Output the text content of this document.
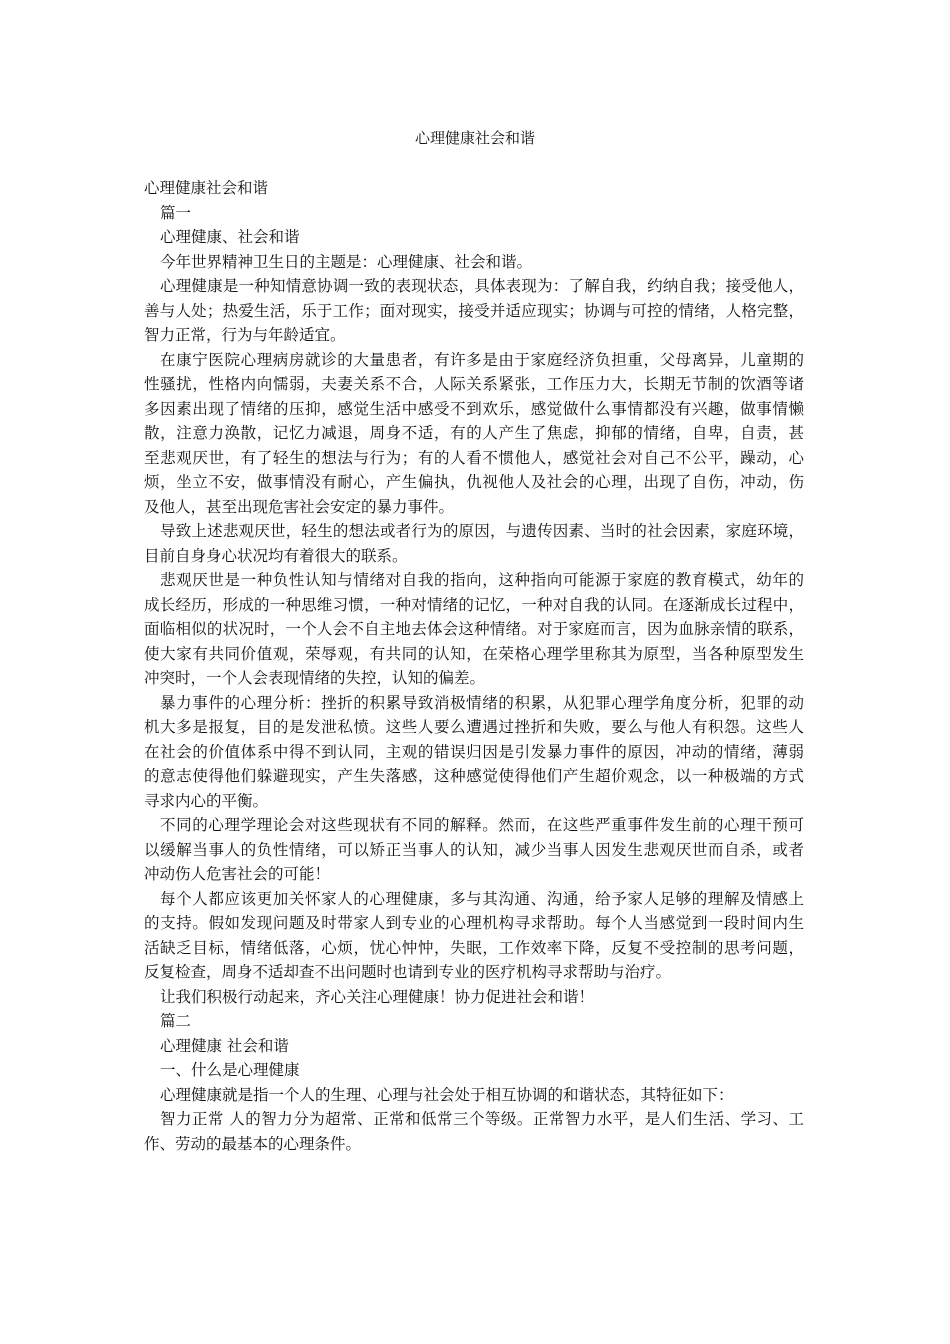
心理健康社会和谐

心理健康社会和谐

篇一

心理健康、社会和谐

今年世界精神卫生日的主题是：心理健康、社会和谐。

心理健康是一种知情意协调一致的表现状态，具体表现为：了解自我，约纳自我；接受他人，

善与人处；热爱生活，乐于工作；面对现实，接受并适应现实；协调与可控的情绪，人格完整，

智力正常，行为与年龄适宜。

在康宁医院心理病房就诊的大量患者，有许多是由于家庭经济负担重，父母离异，儿童期的

性骚扰，性格内向懦弱，夫妻关系不合，人际关系紧张，工作压力大，长期无节制的饮酒等诸

多因素出现了情绪的压抑，感觉生活中感受不到欢乐，感觉做什么事情都没有兴趣，做事情懒

散，注意力涣散，记忆力减退，周身不适，有的人产生了焦虑，抑郁的情绪，自卑，自责，甚

至悲观厌世，有了轻生的想法与行为；有的人看不惯他人，感觉社会对自己不公平，躁动，心

烦，坐立不安，做事情没有耐心，产生偏执，仇视他人及社会的心理，出现了自伤，冲动，伤

及他人，甚至出现危害社会安定的暴力事件。

导致上述悲观厌世，轻生的想法或者行为的原因，与遗传因素、当时的社会因素，家庭环境，

目前自身身心状况均有着很大的联系。

悲观厌世是一种负性认知与情绪对自我的指向，这种指向可能源于家庭的教育模式，幼年的

成长经历，形成的一种思维习惯，一种对情绪的记忆，一种对自我的认同。在逐渐成长过程中，

面临相似的状况时，一个人会不自主地去体会这种情绪。对于家庭而言，因为血脉亲情的联系，

使大家有共同价值观，荣辱观，有共同的认知，在荣格心理学里称其为原型，当各种原型发生

冲突时，一个人会表现情绪的失控，认知的偏差。

暴力事件的心理分析：挫折的积累导致消极情绪的积累，从犯罪心理学角度分析，犯罪的动

机大多是报复，目的是发泄私愤。这些人要么遭遇过挫折和失败，要么与他人有积怨。这些人

在社会的价值体系中得不到认同，主观的错误归因是引发暴力事件的原因，冲动的情绪，薄弱

的意志使得他们躲避现实，产生失落感，这种感觉使得他们产生超价观念，以一种极端的方式

寻求内心的平衡。

不同的心理学理论会对这些现状有不同的解释。然而，在这些严重事件发生前的心理干预可

以缓解当事人的负性情绪，可以矫正当事人的认知，减少当事人因发生悲观厌世而自杀，或者

冲动伤人危害社会的可能！

每个人都应该更加关怀家人的心理健康，多与其沟通、沟通，给予家人足够的理解及情感上

的支持。假如发现问题及时带家人到专业的心理机构寻求帮助。每个人当感觉到一段时间内生

活缺乏目标，情绪低落，心烦，忧心忡忡，失眠，工作效率下降，反复不受控制的思考问题，

反复检查，周身不适却查不出问题时也请到专业的医疗机构寻求帮助与治疗。

让我们积极行动起来，齐心关注心理健康！协力促进社会和谐！

篇二

心理健康 社会和谐

一、什么是心理健康

心理健康就是指一个人的生理、心理与社会处于相互协调的和谐状态，其特征如下：

智力正常 人的智力分为超常、正常和低常三个等级。正常智力水平，是人们生活、学习、工

作、劳动的最基本的心理条件。
